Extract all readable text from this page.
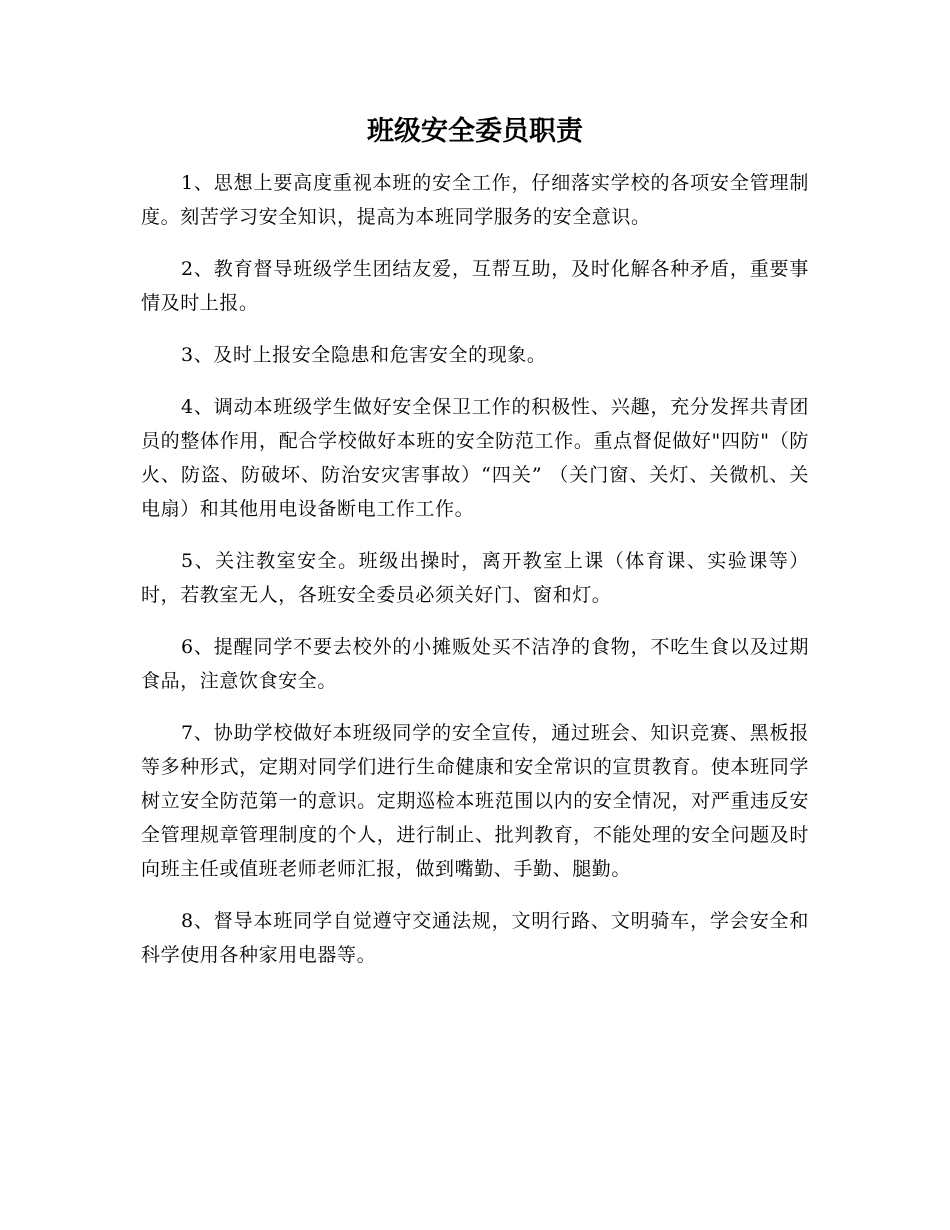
班级安全委员职责

1、思想上要高度重视本班的安全工作，仔细落实学校的各项安全管理制度。刻苦学习安全知识，提高为本班同学服务的安全意识。

2、教育督导班级学生团结友爱，互帮互助，及时化解各种矛盾，重要事情及时上报。

3、及时上报安全隐患和危害安全的现象。

4、调动本班级学生做好安全保卫工作的积极性、兴趣，充分发挥共青团员的整体作用，配合学校做好本班的安全防范工作。重点督促做好"四防"（防火、防盗、防破坏、防治安灾害事故）“四关” （关门窗、关灯、关微机、关电扇）和其他用电设备断电工作工作。

5、关注教室安全。班级出操时，离开教室上课（体育课、实验课等）时，若教室无人，各班安全委员必须关好门、窗和灯。

6、提醒同学不要去校外的小摊贩处买不洁净的食物，不吃生食以及过期食品，注意饮食安全。

7、协助学校做好本班级同学的安全宣传，通过班会、知识竞赛、黑板报等多种形式，定期对同学们进行生命健康和安全常识的宣贯教育。使本班同学树立安全防范第一的意识。定期巡检本班范围以内的安全情况，对严重违反安全管理规章管理制度的个人，进行制止、批判教育，不能处理的安全问题及时向班主任或值班老师老师汇报，做到嘴勤、手勤、腿勤。

8、督导本班同学自觉遵守交通法规，文明行路、文明骑车，学会安全和科学使用各种家用电器等。
